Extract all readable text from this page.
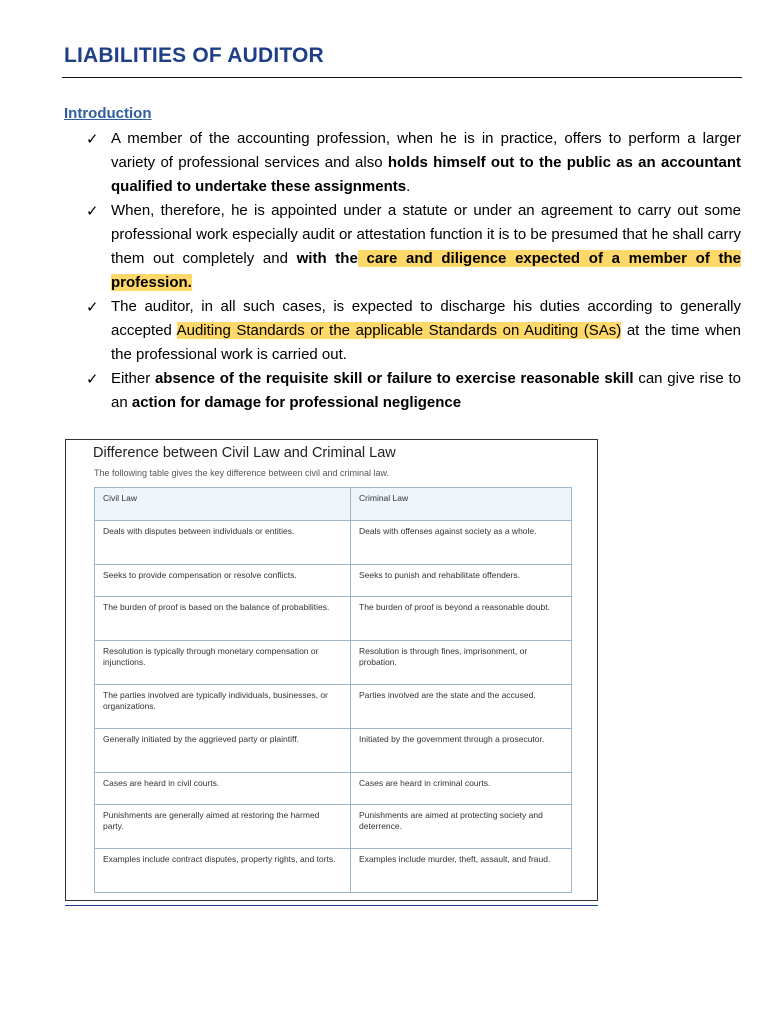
LIABILITIES OF AUDITOR
Introduction
✓ A member of the accounting profession, when he is in practice, offers to perform a larger variety of professional services and also holds himself out to the public as an accountant qualified to undertake these assignments.
✓ When, therefore, he is appointed under a statute or under an agreement to carry out some professional work especially audit or attestation function it is to be presumed that he shall carry them out completely and with the care and diligence expected of a member of the profession.
✓ The auditor, in all such cases, is expected to discharge his duties according to generally accepted Auditing Standards or the applicable Standards on Auditing (SAs) at the time when the professional work is carried out.
✓ Either absence of the requisite skill or failure to exercise reasonable skill can give rise to an action for damage for professional negligence
Difference between Civil Law and Criminal Law
The following table gives the key difference between civil and criminal law.
Civil Law	Criminal Law
Deals with disputes between individuals or entities.	Deals with offenses against society as a whole.
Seeks to provide compensation or resolve conflicts.	Seeks to punish and rehabilitate offenders.
The burden of proof is based on the balance of probabilities.	The burden of proof is beyond a reasonable doubt.
Resolution is typically through monetary compensation or injunctions.	Resolution is through fines, imprisonment, or probation.
The parties involved are typically individuals, businesses, or organizations.	Parties involved are the state and the accused.
Generally initiated by the aggrieved party or plaintiff.	Initiated by the government through a prosecutor.
Cases are heard in civil courts.	Cases are heard in criminal courts.
Punishments are generally aimed at restoring the harmed party.	Punishments are aimed at protecting society and deterrence.
Examples include contract disputes, property rights, and torts.	Examples include murder, theft, assault, and fraud.
